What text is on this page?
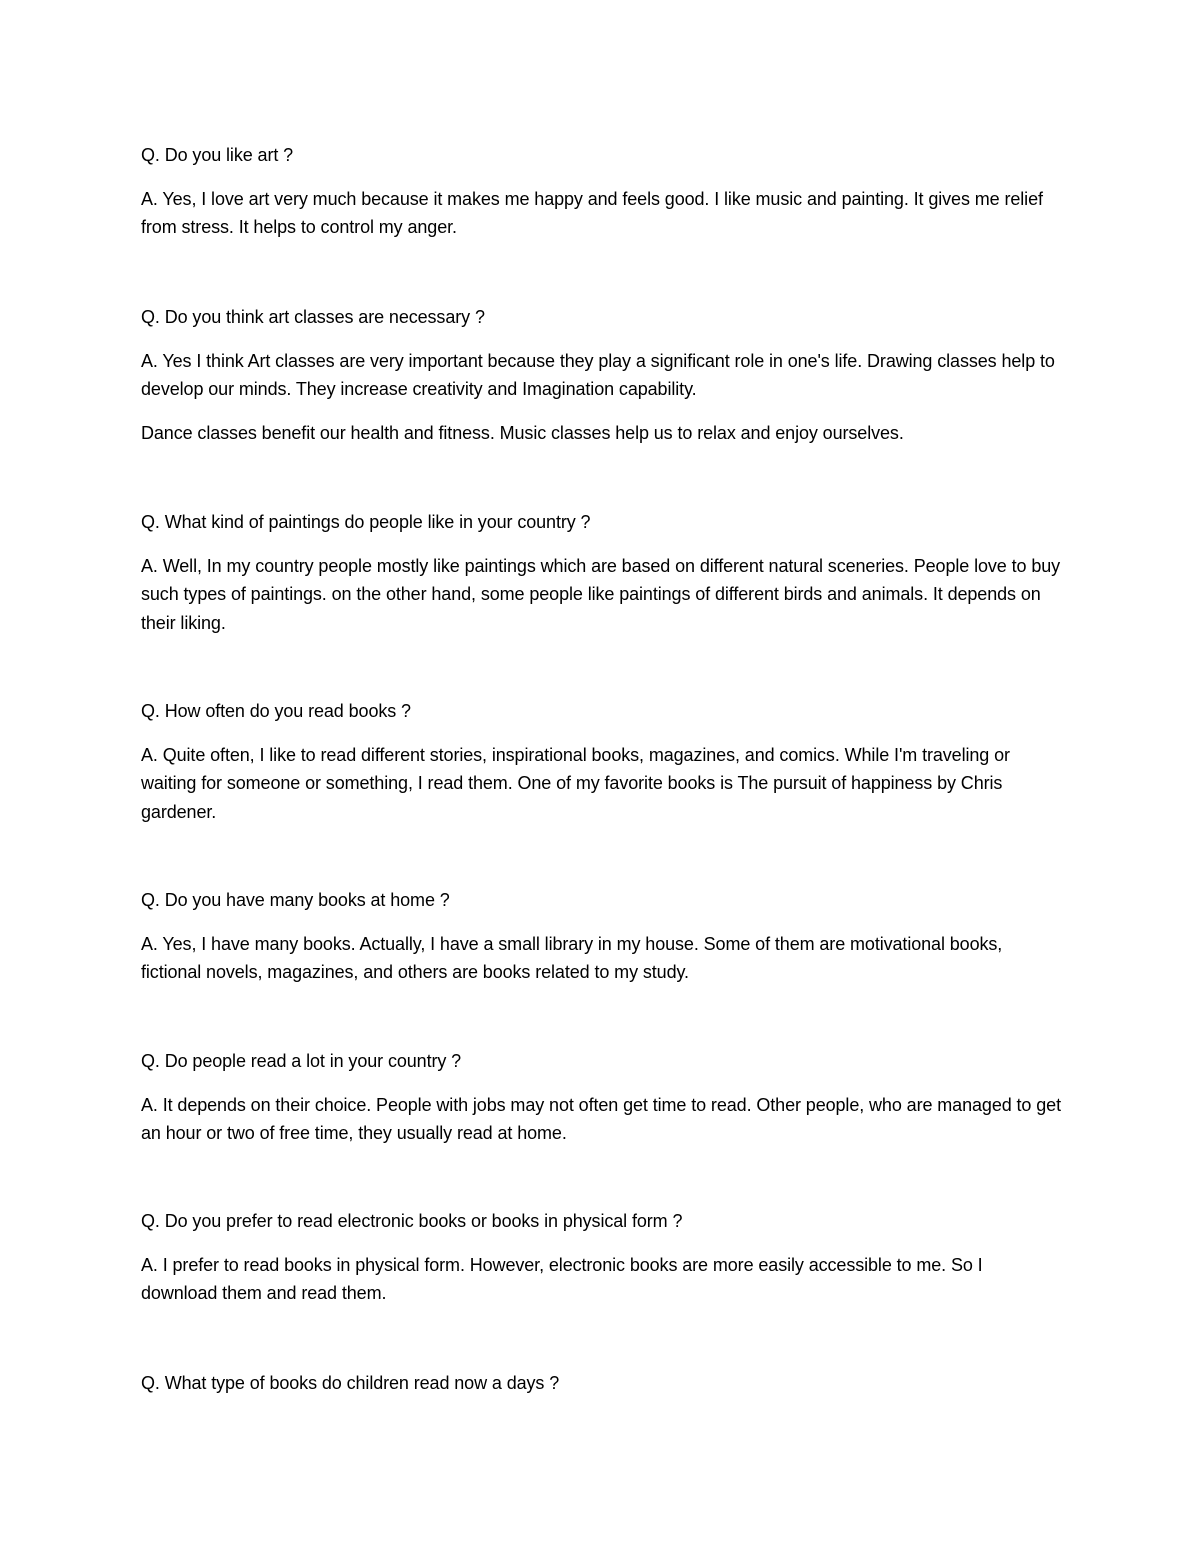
Q. Do you like art ?

A. Yes, I love art very much because it makes me happy and feels good. I like music and painting. It gives me relief from stress. It helps to control my anger.

Q. Do you think art classes are necessary ?

A. Yes I think Art classes are very important because they play a significant role in one's life. Drawing classes help to develop our minds. They increase creativity and Imagination capability.

Dance classes benefit our health and fitness. Music classes help us to relax and enjoy ourselves.

Q. What kind of paintings do people like in your country ?

A. Well, In my country people mostly like paintings which are based on different natural sceneries. People love to buy such types of paintings. on the other hand, some people like paintings of different birds and animals. It depends on their liking.

Q. How often do you read books ?

A. Quite often, I like to read different stories, inspirational books, magazines, and comics. While I'm traveling or waiting for someone or something, I read them. One of my favorite books is The pursuit of happiness by Chris gardener.

Q. Do you have many books at home ?

A. Yes, I have many books. Actually, I have a small library in my house. Some of them are motivational books, fictional novels, magazines, and others are books related to my study.

Q. Do people read a lot in your country ?

A. It depends on their choice. People with jobs may not often get time to read. Other people, who are managed to get an hour or two of free time, they usually read at home.

Q. Do you prefer to read electronic books or books in physical form ?

A. I prefer to read books in physical form. However, electronic books are more easily accessible to me. So I download them and read them.

Q. What type of books do children read now a days ?
